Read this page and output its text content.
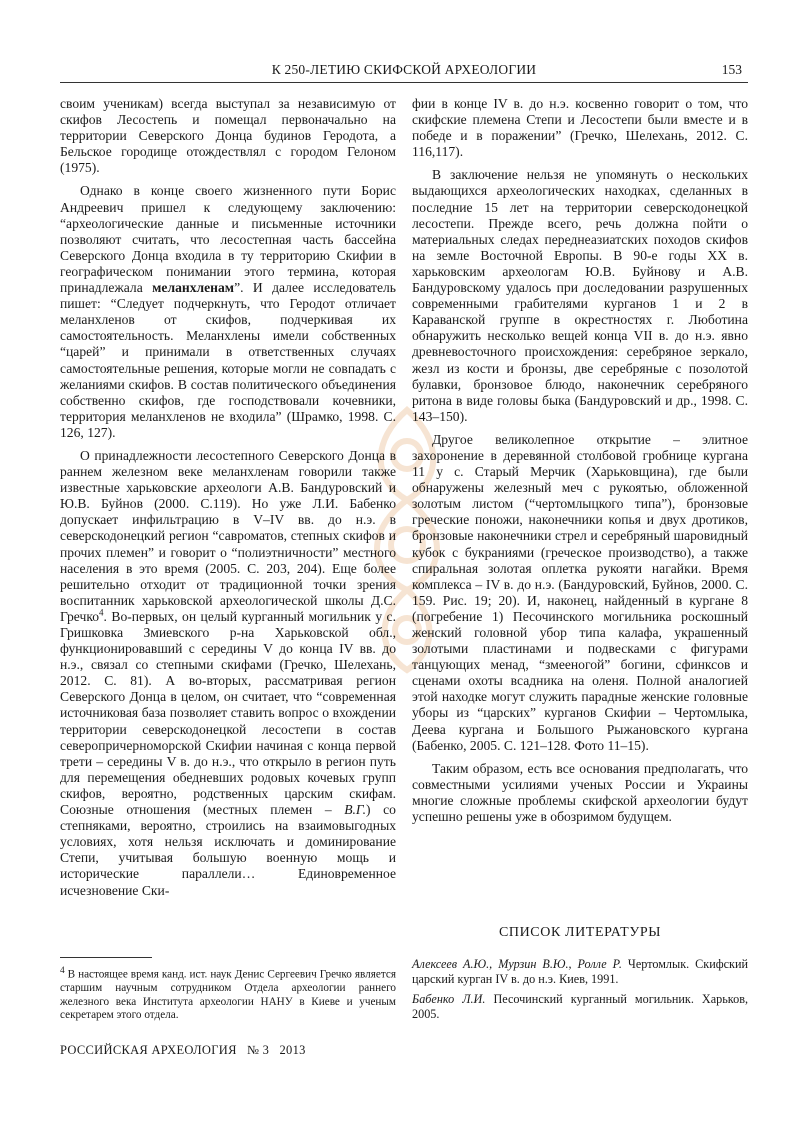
К 250-ЛЕТИЮ СКИФСКОЙ АРХЕОЛОГИИ	153

своим ученикам) всегда выступал за независимую от скифов Лесостепь и помещал первоначально на территории Северского Донца будинов Геродота, а Бельское городище отождествлял с городом Гелоном (1975).

Однако в конце своего жизненного пути Борис Андреевич пришел к следующему заключению: “археологические данные и письменные источники позволяют считать, что лесостепная часть бассейна Северского Донца входила в ту территорию Скифии в географическом понимании этого термина, которая принадлежала меланхленам”. И далее исследователь пишет: “Следует подчеркнуть, что Геродот отличает меланхленов от скифов, подчеркивая их самостоятельность. Меланхлены имели собственных “царей” и принимали в ответственных случаях самостоятельные решения, которые могли не совпадать с желаниями скифов. В состав политического объединения собственно скифов, где господствовали кочевники, территория меланхленов не входила” (Шрамко, 1998. С. 126, 127).

О принадлежности лесостепного Северского Донца в раннем железном веке меланхленам говорили также известные харьковские археологи А.В. Бандуровский и Ю.В. Буйнов (2000. С.119). Но уже Л.И. Бабенко допускает инфильтрацию в V–IV вв. до н.э. в северскодонецкий регион “савроматов, степных скифов и прочих племен” и говорит о “полиэтничности” местного населения в это время (2005. С. 203, 204). Еще более решительно отходит от традиционной точки зрения воспитанник харьковской археологической школы Д.С. Гречко$^4$. Во-первых, он целый курганный могильник у с. Гришковка Змиевского р-на Харьковской обл., функционировавший с середины V до конца IV вв. до н.э., связал со степными скифами (Гречко, Шелехань, 2012. С. 81). А во-вторых, рассматривая регион Северского Донца в целом, он считает, что “современная источниковая база позволяет ставить вопрос о вхождении территории северскодонецкой лесостепи в состав северопричерноморской Скифии начиная с конца первой трети – середины V в. до н.э., что открыло в регион путь для перемещения обедневших родовых кочевых групп скифов, вероятно, родственных царским скифам. Союзные отношения (местных племен – В.Г.) со степняками, вероятно, строились на взаимовыгодных условиях, хотя нельзя исключать и доминирование Степи, учитывая большую военную мощь и исторические параллели… Единовременное исчезновение Ски-

фии в конце IV в. до н.э. косвенно говорит о том, что скифские племена Степи и Лесостепи были вместе и в победе и в поражении” (Гречко, Шелехань, 2012. С. 116,117).

В заключение нельзя не упомянуть о нескольких выдающихся археологических находках, сделанных в последние 15 лет на территории северскодонецкой лесостепи. Прежде всего, речь должна пойти о материальных следах переднеазиатских походов скифов на земле Восточной Европы. В 90-е годы XX в. харьковским археологам Ю.В. Буйнову и А.В. Бандуровскому удалось при доследовании разрушенных современными грабителями курганов 1 и 2 в Караванской группе в окрестностях г. Люботина обнаружить несколько вещей конца VII в. до н.э. явно древневосточного происхождения: серебряное зеркало, жезл из кости и бронзы, две серебряные с позолотой булавки, бронзовое блюдо, наконечник серебряного ритона в виде головы быка (Бандуровский и др., 1998. С. 143–150).

Другое великолепное открытие – элитное захоронение в деревянной столбовой гробнице кургана 11 у с. Старый Мерчик (Харьковщина), где были обнаружены железный меч с рукоятью, обложенной золотым листом (“чертомлыцкого типа”), бронзовые греческие поножи, наконечники копья и двух дротиков, бронзовые наконечники стрел и серебряный шаровидный кубок с букраниями (греческое производство), а также спиральная золотая оплетка рукояти нагайки. Время комплекса – IV в. до н.э. (Бандуровский, Буйнов, 2000. С. 159. Рис. 19; 20). И, наконец, найденный в кургане 8 (погребение 1) Песочинского могильника роскошный женский головной убор типа калафа, украшенный золотыми пластинами и подвесками с фигурами танцующих менад, “змееногой” богини, сфинксов и сценами охоты всадника на оленя. Полной аналогией этой находке могут служить парадные женские головные уборы из “царских” курганов Скифии – Чертомлыка, Деева кургана и Большого Рыжановского кургана (Бабенко, 2005. С. 121–128. Фото 11–15).

Таким образом, есть все основания предполагать, что совместными усилиями ученых России и Украины многие сложные проблемы скифской археологии будут успешно решены уже в обозримом будущем.

СПИСОК ЛИТЕРАТУРЫ

Алексеев А.Ю., Мурзин В.Ю., Ролле Р. Чертомлык. Скифский царский курган IV в. до н.э. Киев, 1991.

Бабенко Л.И. Песочинский курганный могильник. Харьков, 2005.

$^4$ В настоящее время канд. ист. наук Денис Сергеевич Гречко является старшим научным сотрудником Отдела археологии раннего железного века Института археологии НАНУ в Киеве и ученым секретарем этого отдела.
РОССИЙСКАЯ АРХЕОЛОГИЯ   № 3   2013
